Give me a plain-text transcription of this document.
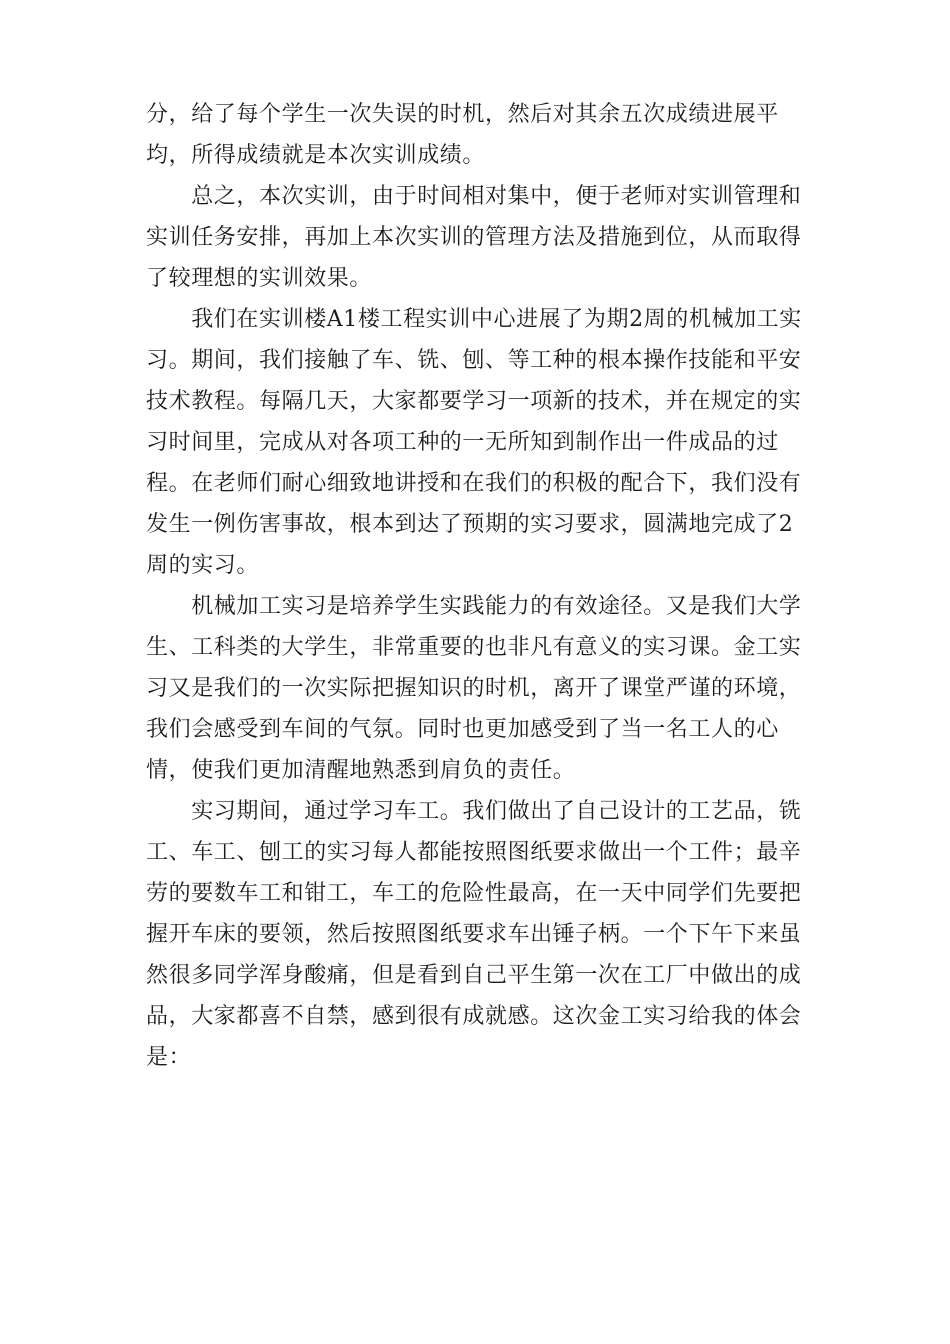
分，给了每个学生一次失误的时机，然后对其余五次成绩进展平
均，所得成绩就是本次实训成绩。
　　总之，本次实训，由于时间相对集中，便于老师对实训管理和
实训任务安排，再加上本次实训的管理方法及措施到位，从而取得
了较理想的实训效果。
　　我们在实训楼A1楼工程实训中心进展了为期2周的机械加工实
习。期间，我们接触了车、铣、刨、等工种的根本操作技能和平安
技术教程。每隔几天，大家都要学习一项新的技术，并在规定的实
习时间里，完成从对各项工种的一无所知到制作出一件成品的过
程。在老师们耐心细致地讲授和在我们的积极的配合下，我们没有
发生一例伤害事故，根本到达了预期的实习要求，圆满地完成了2
周的实习。
　　机械加工实习是培养学生实践能力的有效途径。又是我们大学
生、工科类的大学生，非常重要的也非凡有意义的实习课。金工实
习又是我们的一次实际把握知识的时机，离开了课堂严谨的环境，
我们会感受到车间的气氛。同时也更加感受到了当一名工人的心
情，使我们更加清醒地熟悉到肩负的责任。
　　实习期间，通过学习车工。我们做出了自己设计的工艺品，铣
工、车工、刨工的实习每人都能按照图纸要求做出一个工件；最辛
劳的要数车工和钳工，车工的危险性最高，在一天中同学们先要把
握开车床的要领，然后按照图纸要求车出锤子柄。一个下午下来虽
然很多同学浑身酸痛，但是看到自己平生第一次在工厂中做出的成
品，大家都喜不自禁，感到很有成就感。这次金工实习给我的体会
是：
